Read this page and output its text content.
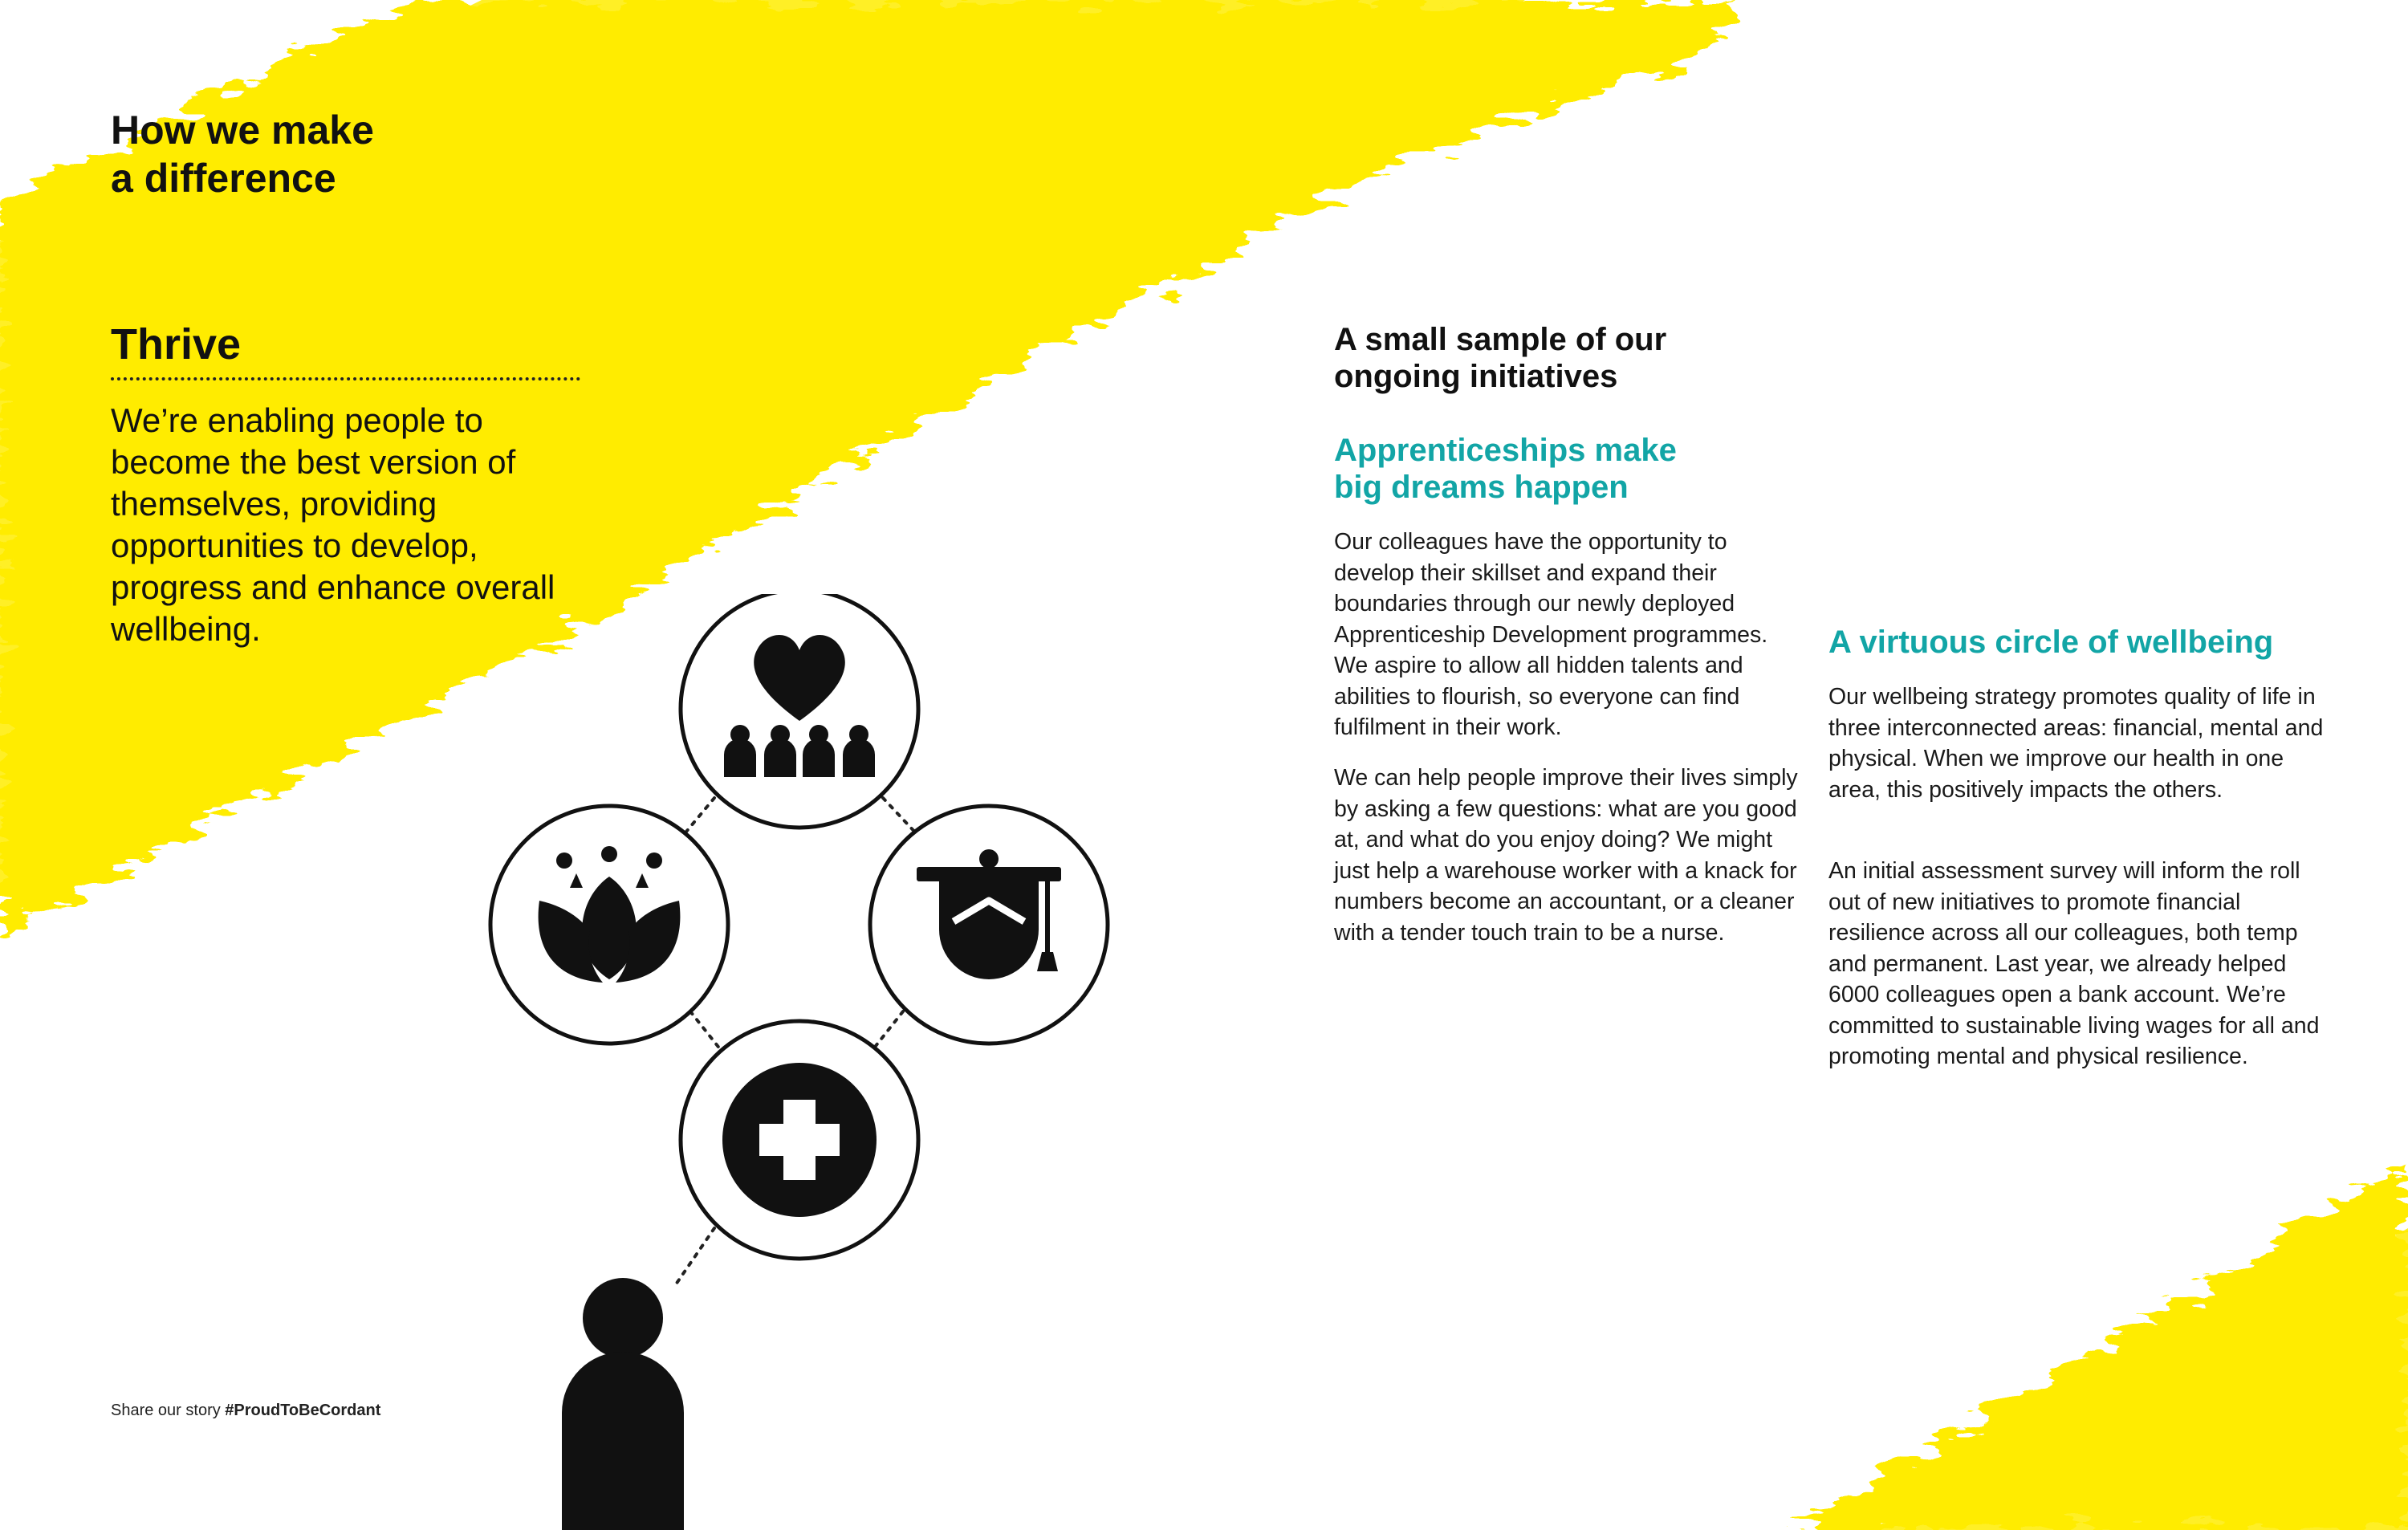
How we make
a difference
Thrive

We’re enabling people to become the best version of themselves, providing opportunities to develop, progress and enhance overall wellbeing.

A small sample of our
ongoing initiatives
Apprenticeships make
big dreams happen

Our colleagues have the opportunity to develop their skillset and expand their boundaries through our newly deployed Apprenticeship Development programmes. We aspire to allow all hidden talents and abilities to flourish, so everyone can find fulfilment in their work.

We can help people improve their lives simply by asking a few questions: what are you good at, and what do you enjoy doing? We might just help a warehouse worker with a knack for numbers become an accountant, or a cleaner with a tender touch train to be a nurse.

A virtuous circle of wellbeing

Our wellbeing strategy promotes quality of life in three interconnected areas: financial, mental and physical. When we improve our health in one area, this positively impacts the others.

An initial assessment survey will inform the roll out of new initiatives to promote financial resilience across all our colleagues, both temp and permanent. Last year, we already helped 6000 colleagues open a bank account. We’re committed to sustainable living wages for all and promoting mental and physical resilience.

Share our story #ProudToBeCordant
